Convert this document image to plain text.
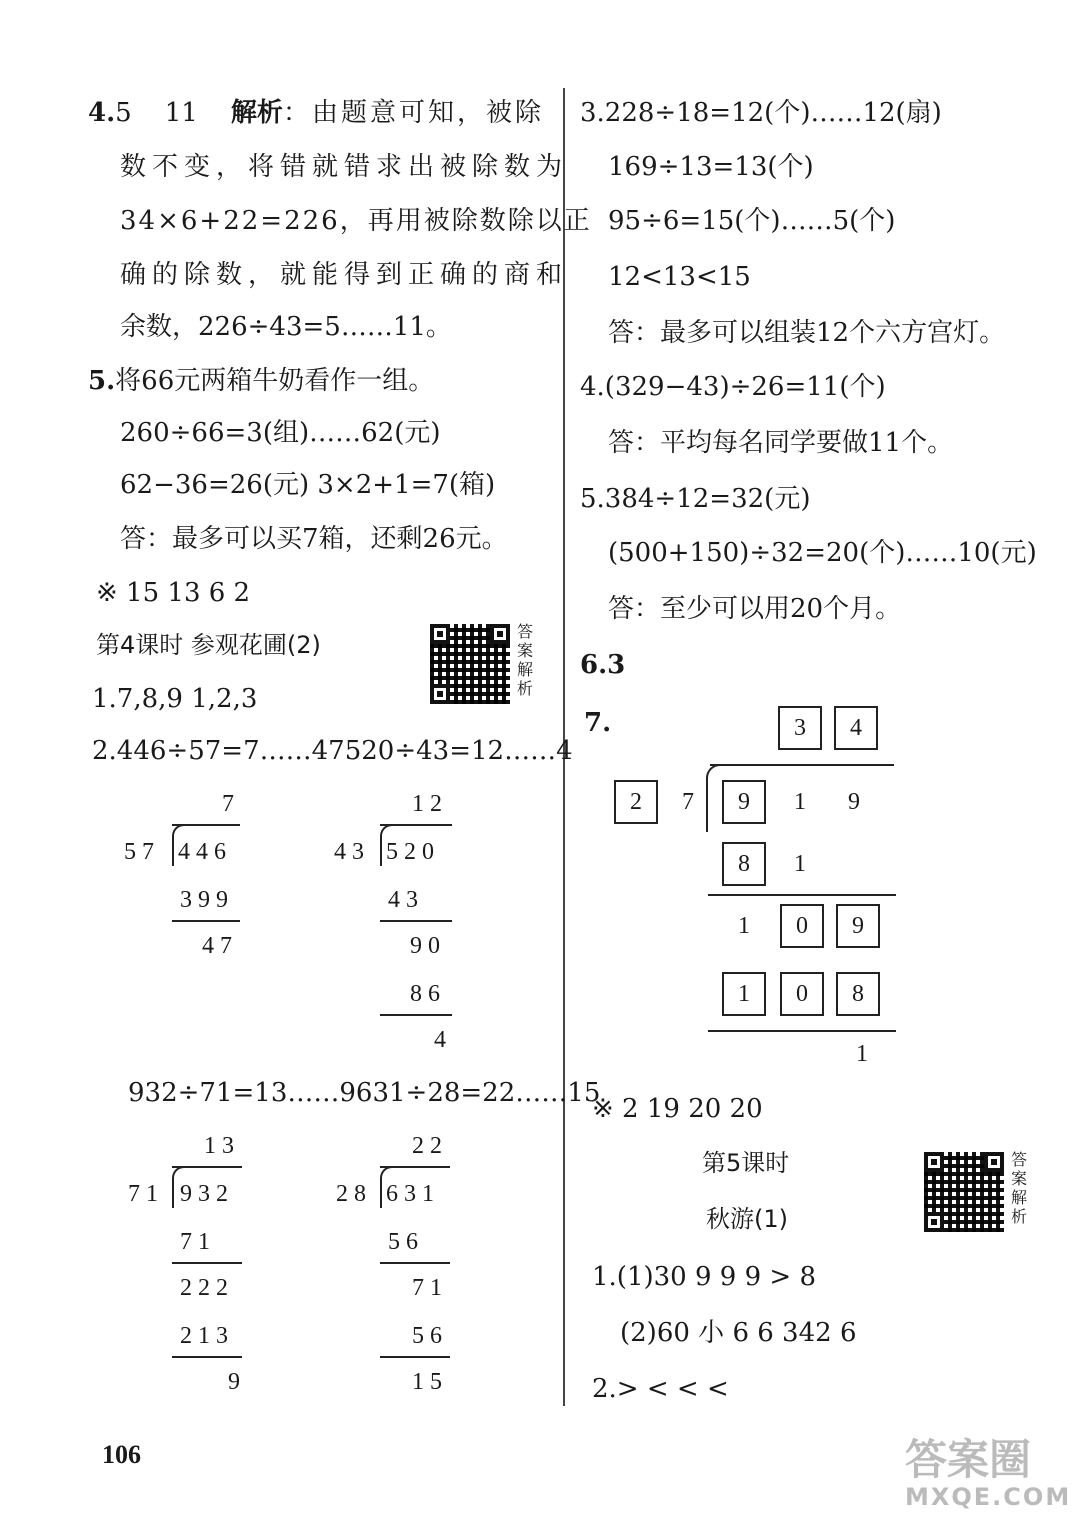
4.5 11 解析：由题意可知，被除
数不变，将错就错求出被除数为
34×6+22=226，再用被除数除以正
确的除数，就能得到正确的商和
余数，226÷43=5……11。
5.将66元两箱牛奶看作一组。
260÷66=3(组)……62(元)
62−36=26(元) 3×2+1=7(箱)
答：最多可以买7箱，还剩26元。
※ 15 13 6 2
第4课时 参观花圃(2)	答
案
解
析
1.7,8,9 1,2,3
2.446÷57=7……47520÷43=12……4
7
57 446
399
47
12
43 520
43
90
86
4
932÷71=13……9631÷28=22……15
13
71 932
71
222
213
9
22
28 631
56
71
56
15
3.228÷18=12(个)……12(扇)
169÷13=13(个)
95÷6=15(个)……5(个)
12<13<15
答：最多可以组装12个六方宫灯。
4.(329−43)÷26=11(个)
答：平均每名同学要做11个。
5.384÷12=32(元)
(500+150)÷32=20(个)……10(元)
答：至少可以用20个月。
6.3
7.	3	4
2	7	9	1 9
8	1
1	0	9
1	0	8
1
※ 2 19 20 20
第5课时
秋游(1)
答
案
解
析
1.(1)30 9 9 9 > 8
(2)60 小 6 6 342 6
2.> < < <
106	答案圈
MXQE.COM
